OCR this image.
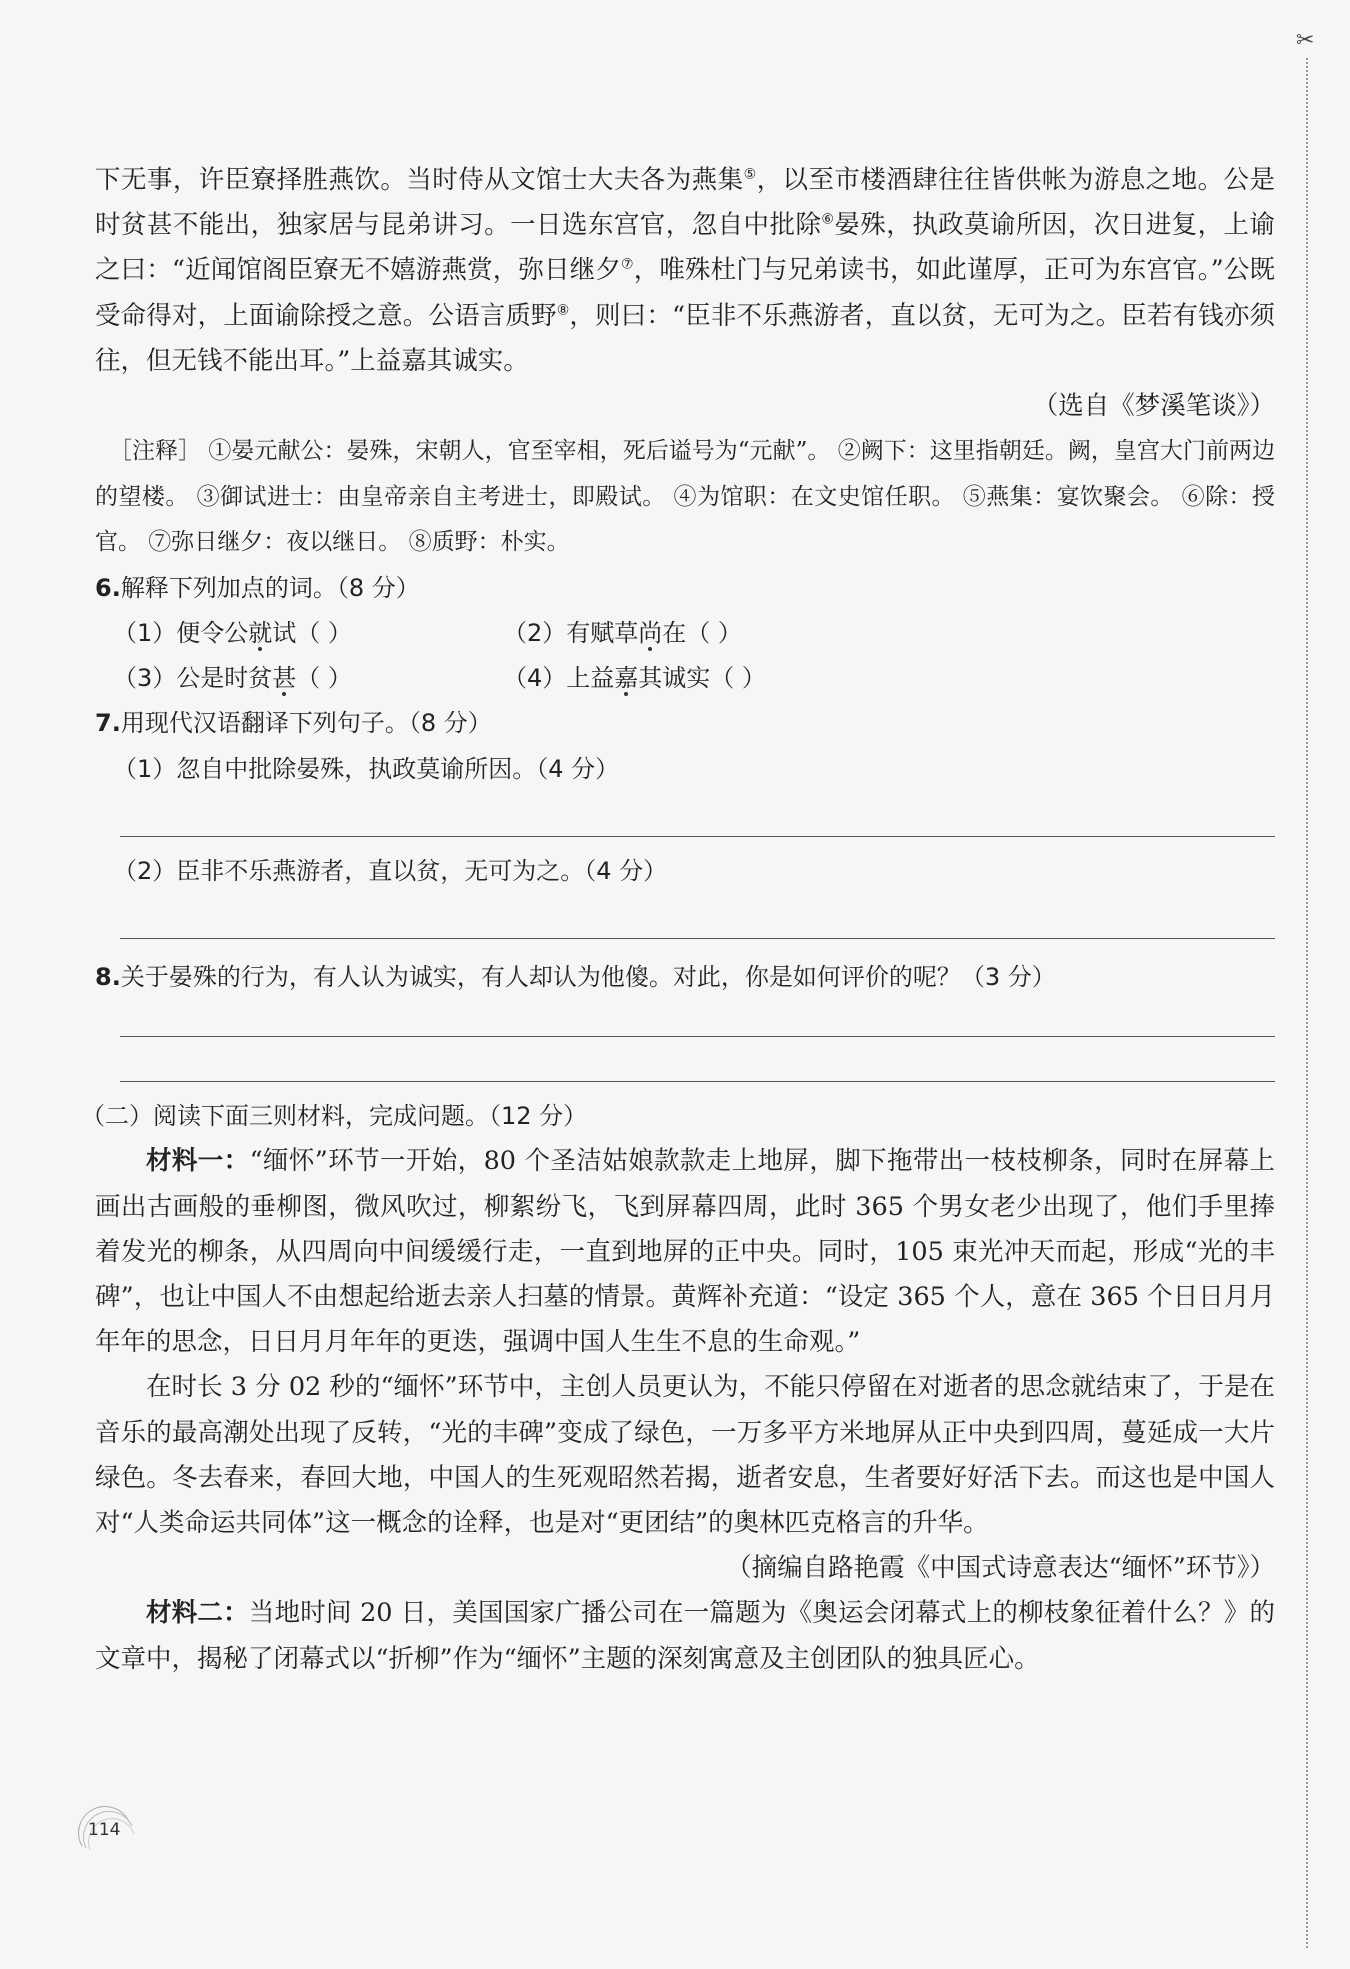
✂

下无事，许臣寮择胜燕饮。当时侍从文馆士大夫各为燕集⑤，以至市楼酒肆往往皆供帐为游息之地。公是时贫甚不能出，独家居与昆弟讲习。一日选东宫官，忽自中批除⑥晏殊，执政莫谕所因，次日进复，上谕之曰：“近闻馆阁臣寮无不嬉游燕赏，弥日继夕⑦，唯殊杜门与兄弟读书，如此谨厚，正可为东宫官。”公既受命得对，上面谕除授之意。公语言质野⑧，则曰：“臣非不乐燕游者，直以贫，无可为之。臣若有钱亦须往，但无钱不能出耳。”上益嘉其诚实。

（选自《梦溪笔谈》）

［注释］ ①晏元献公：晏殊，宋朝人，官至宰相，死后谥号为“元献”。 ②阙下：这里指朝廷。阙，皇宫大门前两边的望楼。 ③御试进士：由皇帝亲自主考进士，即殿试。 ④为馆职：在文史馆任职。 ⑤燕集：宴饮聚会。 ⑥除：授官。 ⑦弥日继夕：夜以继日。 ⑧质野：朴实。

6.解释下列加点的词。（8 分）

（1）便令公就试（ ）	（2）有赋草尚在（ ）
（3）公是时贫甚（ ）	（4）上益嘉其诚实（ ）

7.用现代汉语翻译下列句子。（8 分）

（1）忽自中批除晏殊，执政莫谕所因。（4 分）

（2）臣非不乐燕游者，直以贫，无可为之。（4 分）

8.关于晏殊的行为，有人认为诚实，有人却认为他傻。对此，你是如何评价的呢？（3 分）

（二）阅读下面三则材料，完成问题。（12 分）

材料一：“缅怀”环节一开始，80 个圣洁姑娘款款走上地屏，脚下拖带出一枝枝柳条，同时在屏幕上画出古画般的垂柳图，微风吹过，柳絮纷飞，飞到屏幕四周，此时 365 个男女老少出现了，他们手里捧着发光的柳条，从四周向中间缓缓行走，一直到地屏的正中央。同时，105 束光冲天而起，形成“光的丰碑”，也让中国人不由想起给逝去亲人扫墓的情景。黄辉补充道：“设定 365 个人，意在 365 个日日月月年年的思念，日日月月年年的更迭，强调中国人生生不息的生命观。”

在时长 3 分 02 秒的“缅怀”环节中，主创人员更认为，不能只停留在对逝者的思念就结束了，于是在音乐的最高潮处出现了反转，“光的丰碑”变成了绿色，一万多平方米地屏从正中央到四周，蔓延成一大片绿色。冬去春来，春回大地，中国人的生死观昭然若揭，逝者安息，生者要好好活下去。而这也是中国人对“人类命运共同体”这一概念的诠释，也是对“更团结”的奥林匹克格言的升华。

（摘编自路艳霞《中国式诗意表达“缅怀”环节》）

材料二：当地时间 20 日，美国国家广播公司在一篇题为《奥运会闭幕式上的柳枝象征着什么？》的文章中，揭秘了闭幕式以“折柳”作为“缅怀”主题的深刻寓意及主创团队的独具匠心。

114
